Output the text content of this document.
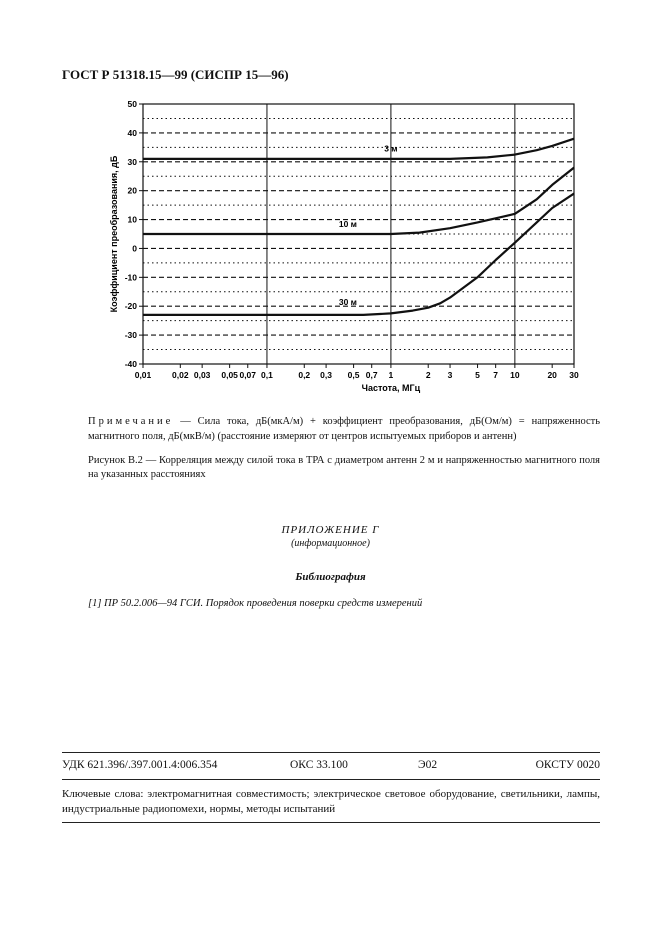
ГОСТ Р 51318.15—99 (СИСПР 15—96)
3 м
10 м
30 м
50
40
30
20
10
0
-10
-20
-30
-40
0,01 0,02 0,03 0,05 0,07 0,1	0,2 0,3 0,5 0,7 1	2 3	5 7 10	20 30
Коэффициент преобразования, дБ
Частота, МГц
Примечание — Сила тока, дБ(мкА/м) + коэффициент преобразования, дБ(Ом/м) = напряженность магнитного поля, дБ(мкВ/м) (расстояние измеряют от центров испытуемых приборов и антенн)
Рисунок В.2 — Корреляция между силой тока в ТРА с диаметром антенн 2 м и напряженностью магнитного поля на указанных расстояниях
ПРИЛОЖЕНИЕ Г
(информационное)
Библиография
[1] ПР 50.2.006—94 ГСИ. Порядок проведения поверки средств измерений
УДК 621.396/.397.001.4:006.354	ОКС 33.100	Э02	ОКСТУ 0020
Ключевые слова: электромагнитная совместимость; электрическое световое оборудование, светильники, лампы, индустриальные радиопомехи, нормы, методы испытаний
